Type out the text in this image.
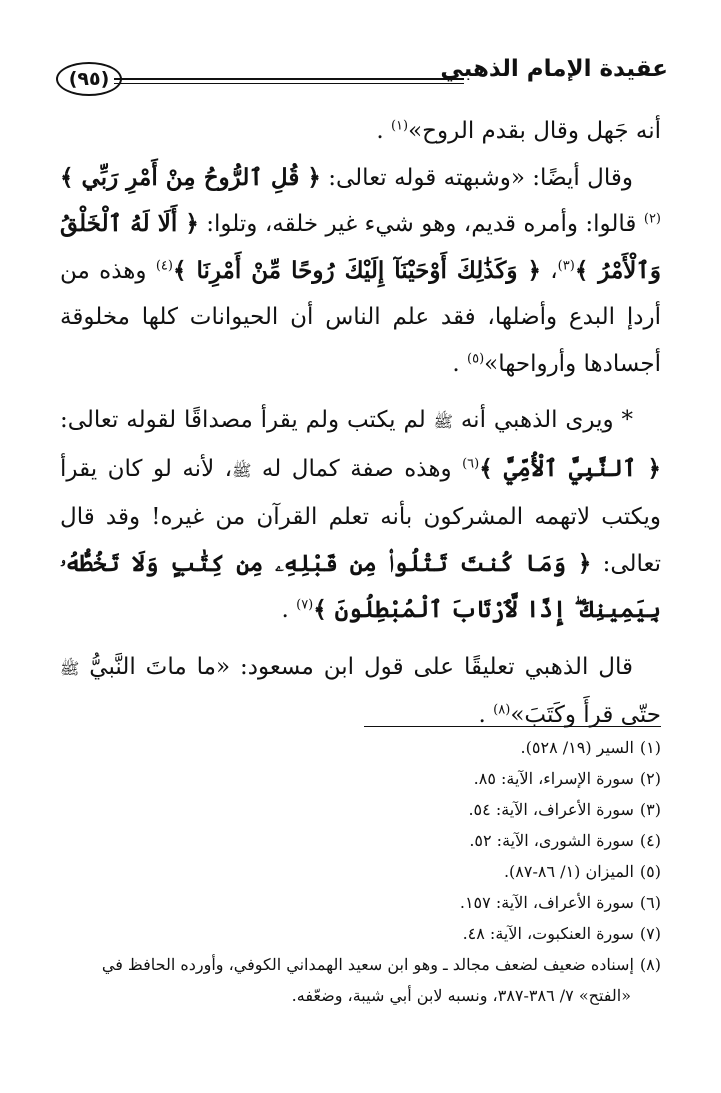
عقيدة الإمام الذهبي
(٩٥)

أنه جَهل وقال بقدم الروح»$^{(١)}$ .

وقال أيضًا: «وشبهته قوله تعالى: ﴿ قُلِ ٱلرُّوحُ مِنْ أَمْرِ رَبِّي ﴾$^{(٢)}$ قالوا: وأمره قديم، وهو شيء غير خلقه، وتلوا: ﴿ أَلَا لَهُ ٱلْخَلْقُ وَٱلْأَمْرُ ﴾$^{(٣)}$، ﴿ وَكَذَٰلِكَ أَوْحَيْنَآ إِلَيْكَ رُوحًا مِّنْ أَمْرِنَا ﴾$^{(٤)}$ وهذه من أردإ البدع وأضلها، فقد علم الناس أن الحيوانات كلها مخلوقة أجسادها وأرواحها»$^{(٥)}$ .

* ويرى الذهبي أنه ﷺ لم يكتب ولم يقرأ مصداقًا لقوله تعالى: ﴿ ٱلنَّبِيَّ ٱلْأُمِّيَّ ﴾$^{(٦)}$ وهذه صفة كمال له ﷺ، لأنه لو كان يقرأ ويكتب لاتهمه المشركون بأنه تعلم القرآن من غيره! وقد قال تعالى: ﴿ وَمَا كُنتَ تَتْلُوا۟ مِن قَبْلِهِۦ مِن كِتَٰبٍ وَلَا تَخُطُّهُۥ بِيَمِينِكَ ۖ إِذًا لَّٱرْتَابَ ٱلْمُبْطِلُونَ ﴾$^{(٧)}$ .

قال الذهبي تعليقًا على قول ابن مسعود: «ما ماتَ النَّبيُّ ﷺ حتّى قرأَ وكَتَبَ»$^{(٨)}$ .

(١)السير (١٩/ ٥٢٨).

(٢)سورة الإسراء، الآية: ٨٥.

(٣)سورة الأعراف، الآية: ٥٤.

(٤)سورة الشورى، الآية: ٥٢.

(٥)الميزان (١/ ٨٦-٨٧).

(٦)سورة الأعراف، الآية: ١٥٧.

(٧)سورة العنكبوت، الآية: ٤٨.

(٨)إسناده ضعيف لضعف مجالد ـ وهو ابن سعيد الهمداني الكوفي، وأورده الحافظ في

«الفتح» ٧/ ٣٨٦-٣٨٧، ونسبه لابن أبي شيبة، وضعّفه.
